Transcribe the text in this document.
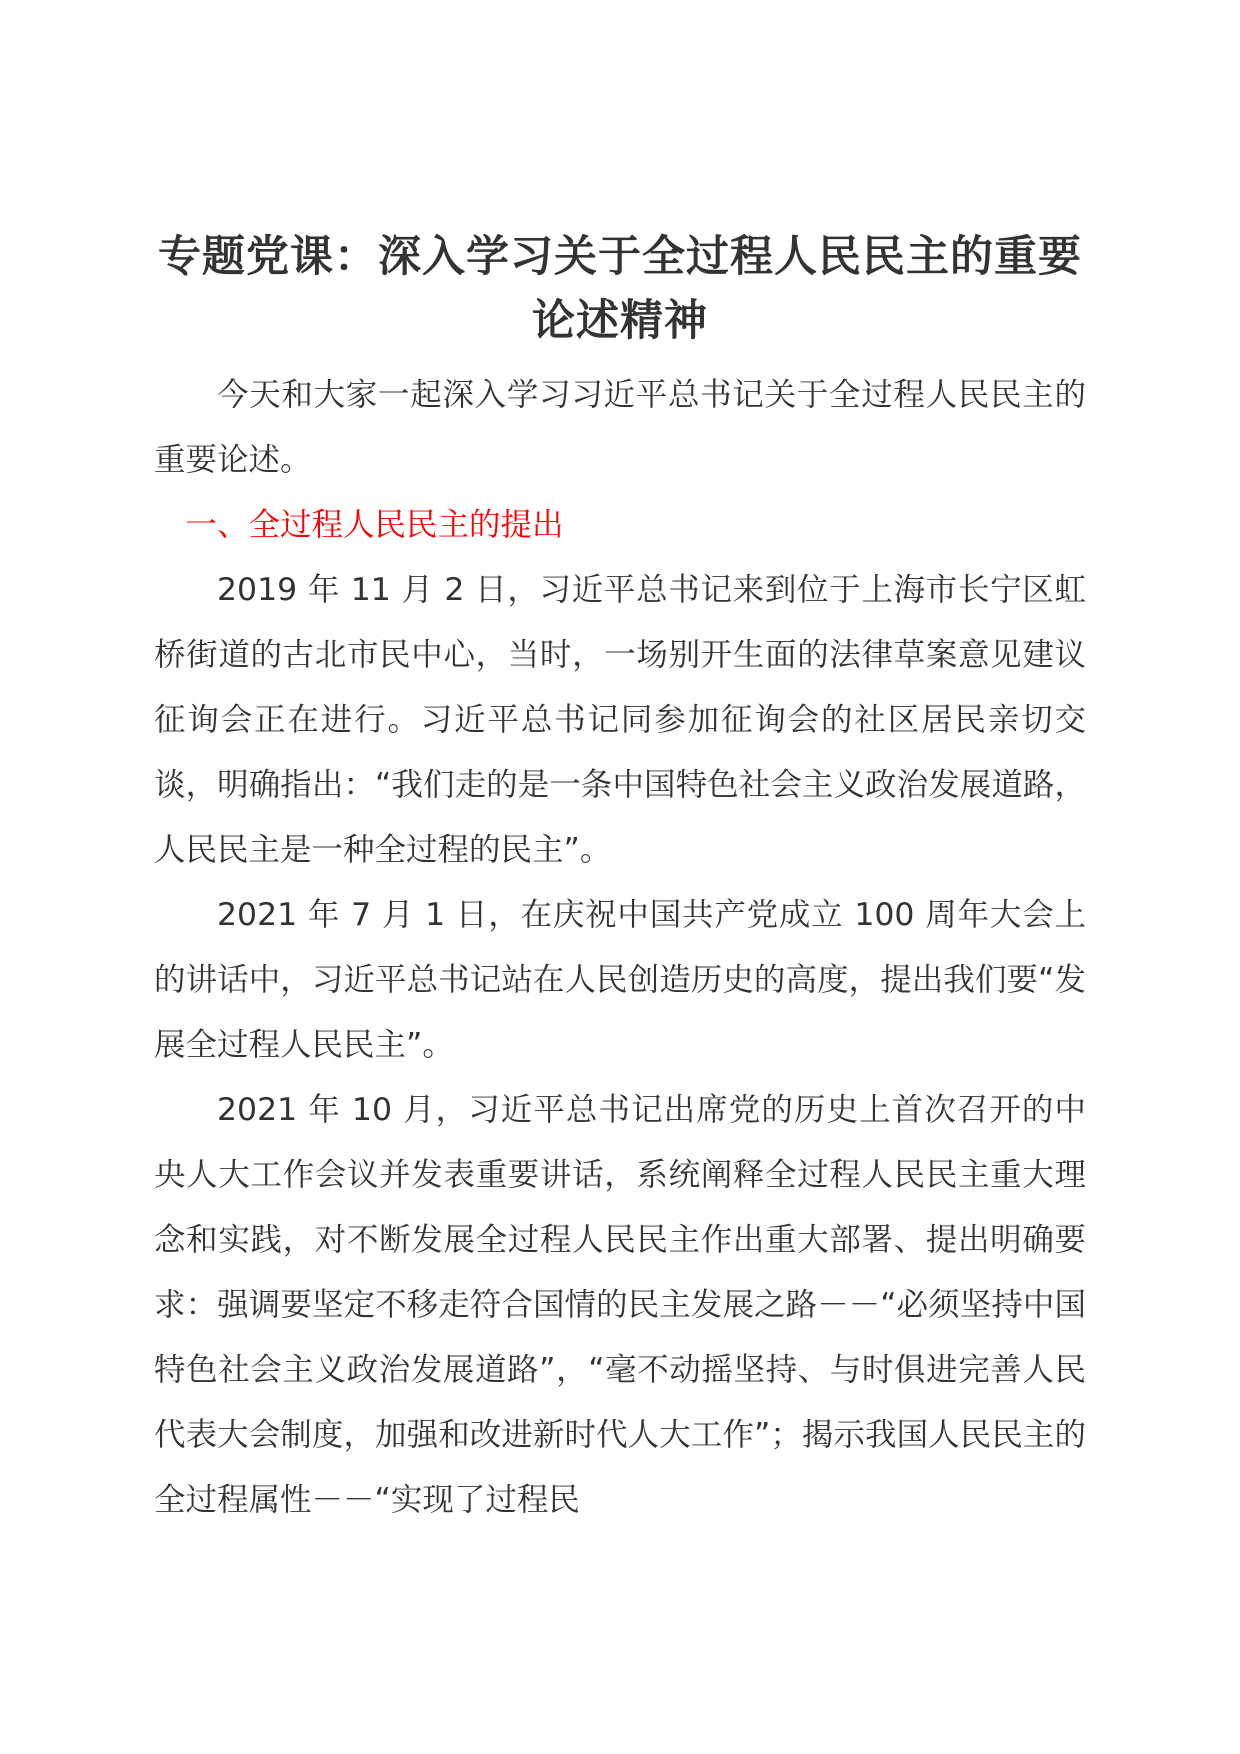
专题党课：深入学习关于全过程人民民主的重要论述精神

今天和大家一起深入学习习近平总书记关于全过程人民民主的重要论述。

一、全过程人民民主的提出

2019 年 11 月 2 日，习近平总书记来到位于上海市长宁区虹桥街道的古北市民中心，当时，一场别开生面的法律草案意见建议征询会正在进行。习近平总书记同参加征询会的社区居民亲切交谈，明确指出：“我们走的是一条中国特色社会主义政治发展道路，人民民主是一种全过程的民主”。

2021 年 7 月 1 日，在庆祝中国共产党成立 100 周年大会上的讲话中，习近平总书记站在人民创造历史的高度，提出我们要“发展全过程人民民主”。

2021 年 10 月，习近平总书记出席党的历史上首次召开的中央人大工作会议并发表重要讲话，系统阐释全过程人民民主重大理念和实践，对不断发展全过程人民民主作出重大部署、提出明确要求：强调要坚定不移走符合国情的民主发展之路－－“必须坚持中国特色社会主义政治发展道路”，“毫不动摇坚持、与时俱进完善人民代表大会制度，加强和改进新时代人大工作”；揭示我国人民民主的全过程属性－－“实现了过程民
